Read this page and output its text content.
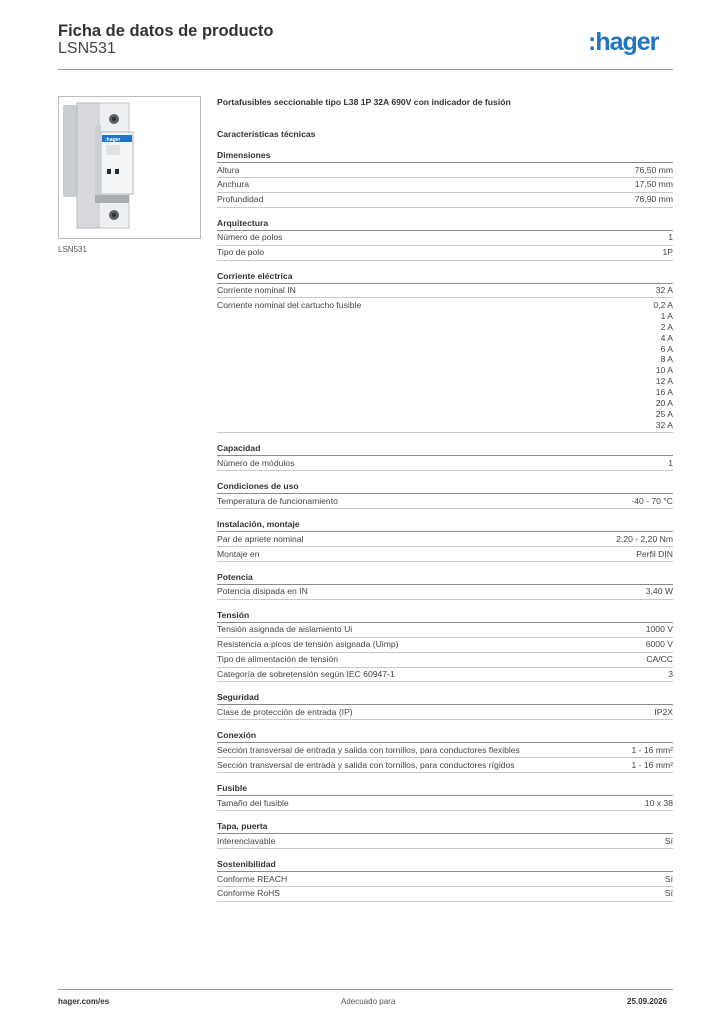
Ficha de datos de producto
LSN531	:hager
:hager
LSN531
Portafusibles seccionable tipo L38 1P 32A 690V con indicador de fusión
Características técnicas
Dimensiones
Altura	76,50 mm
Anchura	17,50 mm
Profundidad	76,90 mm
Arquitectura
Número de polos	1
Tipo de polo	1P
Corriente eléctrica
Corriente nominal IN	32 A
Corriente nominal del cartucho fusible	0,2 A
1 A
2 A
4 A
6 A
8 A
10 A
12 A
16 A
20 A
25 A
32 A
Capacidad
Número de módulos	1
Condiciones de uso
Temperatura de funcionamiento	-40 - 70 °C
Instalación, montaje
Par de apriete nominal	2,20 - 2,20 Nm
Montaje en	Perfil DIN
Potencia
Potencia disipada en IN	3,40 W
Tensión
Tensión asignada de aislamiento Ui	1000 V
Resistencia a picos de tensión asignada (Uimp)	6000 V
Tipo de alimentación de tensión	CA/CC
Categoría de sobretensión según IEC 60947-1	3
Seguridad
Clase de protección de entrada (IP)	IP2X
Conexión
Sección transversal de entrada y salida con tornillos, para conductores flexibles	1 - 16 mm²
Sección transversal de entrada y salida con tornillos, para conductores rígidos	1 - 16 mm²
Fusible
Tamaño del fusible	10 x 38
Tapa, puerta
Interenclavable	Sí
Sostenibilidad
Conforme REACH	Sí
Conforme RoHS	Sí
hager.com/es	Adecuado para	25.09.2026
